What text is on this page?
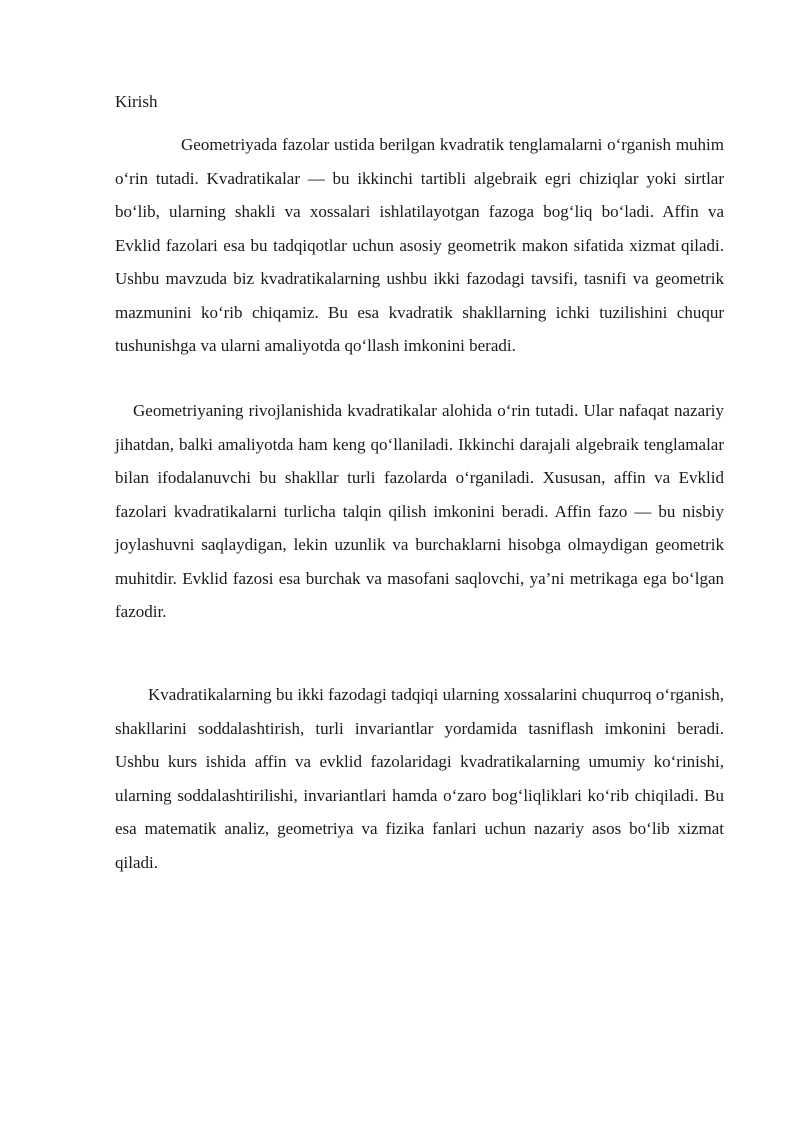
Kirish

Geometriyada fazolar ustida berilgan kvadratik tenglamalarni o‘rganish muhim o‘rin tutadi. Kvadratikalar — bu ikkinchi tartibli algebraik egri chiziqlar yoki sirtlar bo‘lib, ularning shakli va xossalari ishlatilayotgan fazoga bog‘liq bo‘ladi. Affin va Evklid fazolari esa bu tadqiqotlar uchun asosiy geometrik makon sifatida xizmat qiladi. Ushbu mavzuda biz kvadratikalarning ushbu ikki fazodagi tavsifi, tasnifi va geometrik mazmunini ko‘rib chiqamiz. Bu esa kvadratik shakllarning ichki tuzilishini chuqur tushunishga va ularni amaliyotda qo‘llash imkonini beradi.

Geometriyaning rivojlanishida kvadratikalar alohida o‘rin tutadi. Ular nafaqat nazariy jihatdan, balki amaliyotda ham keng qo‘llaniladi. Ikkinchi darajali algebraik tenglamalar bilan ifodalanuvchi bu shakllar turli fazolarda o‘rganiladi. Xususan, affin va Evklid fazolari kvadratikalarni turlicha talqin qilish imkonini beradi. Affin fazo — bu nisbiy joylashuvni saqlaydigan, lekin uzunlik va burchaklarni hisobga olmaydigan geometrik muhitdir. Evklid fazosi esa burchak va masofani saqlovchi, ya’ni metrikaga ega bo‘lgan fazodir.

Kvadratikalarning bu ikki fazodagi tadqiqi ularning xossalarini chuqurroq o‘rganish, shakllarini soddalashtirish, turli invariantlar yordamida tasniflash imkonini beradi. Ushbu kurs ishida affin va evklid fazolaridagi kvadratikalarning umumiy ko‘rinishi, ularning soddalashtirilishi, invariantlari hamda o‘zaro bog‘liqliklari ko‘rib chiqiladi. Bu esa matematik analiz, geometriya va fizika fanlari uchun nazariy asos bo‘lib xizmat qiladi.
